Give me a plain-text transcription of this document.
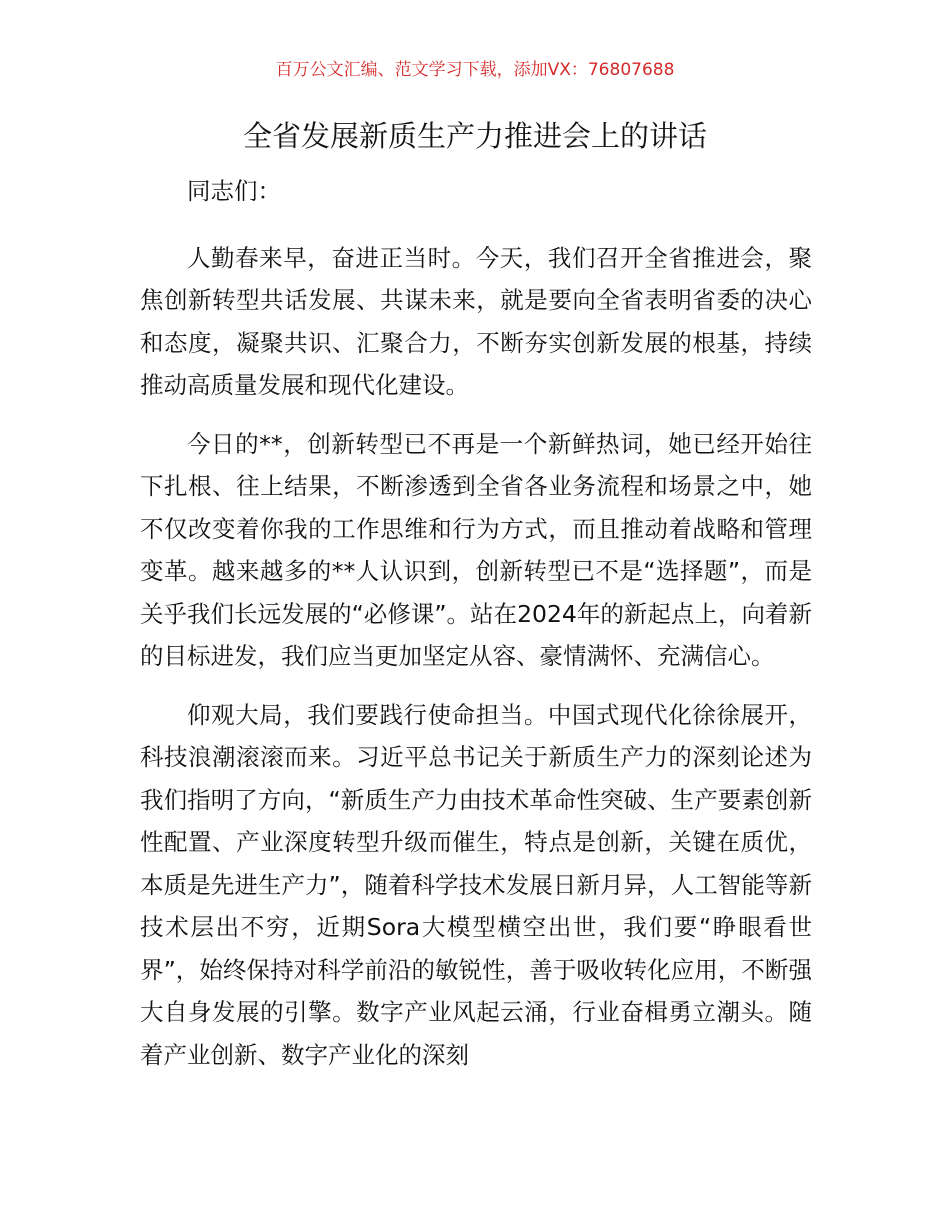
百万公文汇编、范文学习下载，添加VX：76807688
全省发展新质生产力推进会上的讲话

同志们：

人勤春来早，奋进正当时。今天，我们召开全省推进会，聚焦创新转型共话发展、共谋未来，就是要向全省表明省委的决心和态度，凝聚共识、汇聚合力，不断夯实创新发展的根基，持续推动高质量发展和现代化建设。

今日的**，创新转型已不再是一个新鲜热词，她已经开始往下扎根、往上结果，不断渗透到全省各业务流程和场景之中，她不仅改变着你我的工作思维和行为方式，而且推动着战略和管理变革。越来越多的**人认识到，创新转型已不是“选择题”，而是关乎我们长远发展的“必修课”。站在2024年的新起点上，向着新的目标进发，我们应当更加坚定从容、豪情满怀、充满信心。

仰观大局，我们要践行使命担当。中国式现代化徐徐展开，科技浪潮滚滚而来。习近平总书记关于新质生产力的深刻论述为我们指明了方向，“新质生产力由技术革命性突破、生产要素创新性配置、产业深度转型升级而催生，特点是创新，关键在质优，本质是先进生产力”，随着科学技术发展日新月异，人工智能等新技术层出不穷，近期Sora大模型横空出世，我们要“睁眼看世界”，始终保持对科学前沿的敏锐性，善于吸收转化应用，不断强大自身发展的引擎。数字产业风起云涌，行业奋楫勇立潮头。随着产业创新、数字产业化的深刻
